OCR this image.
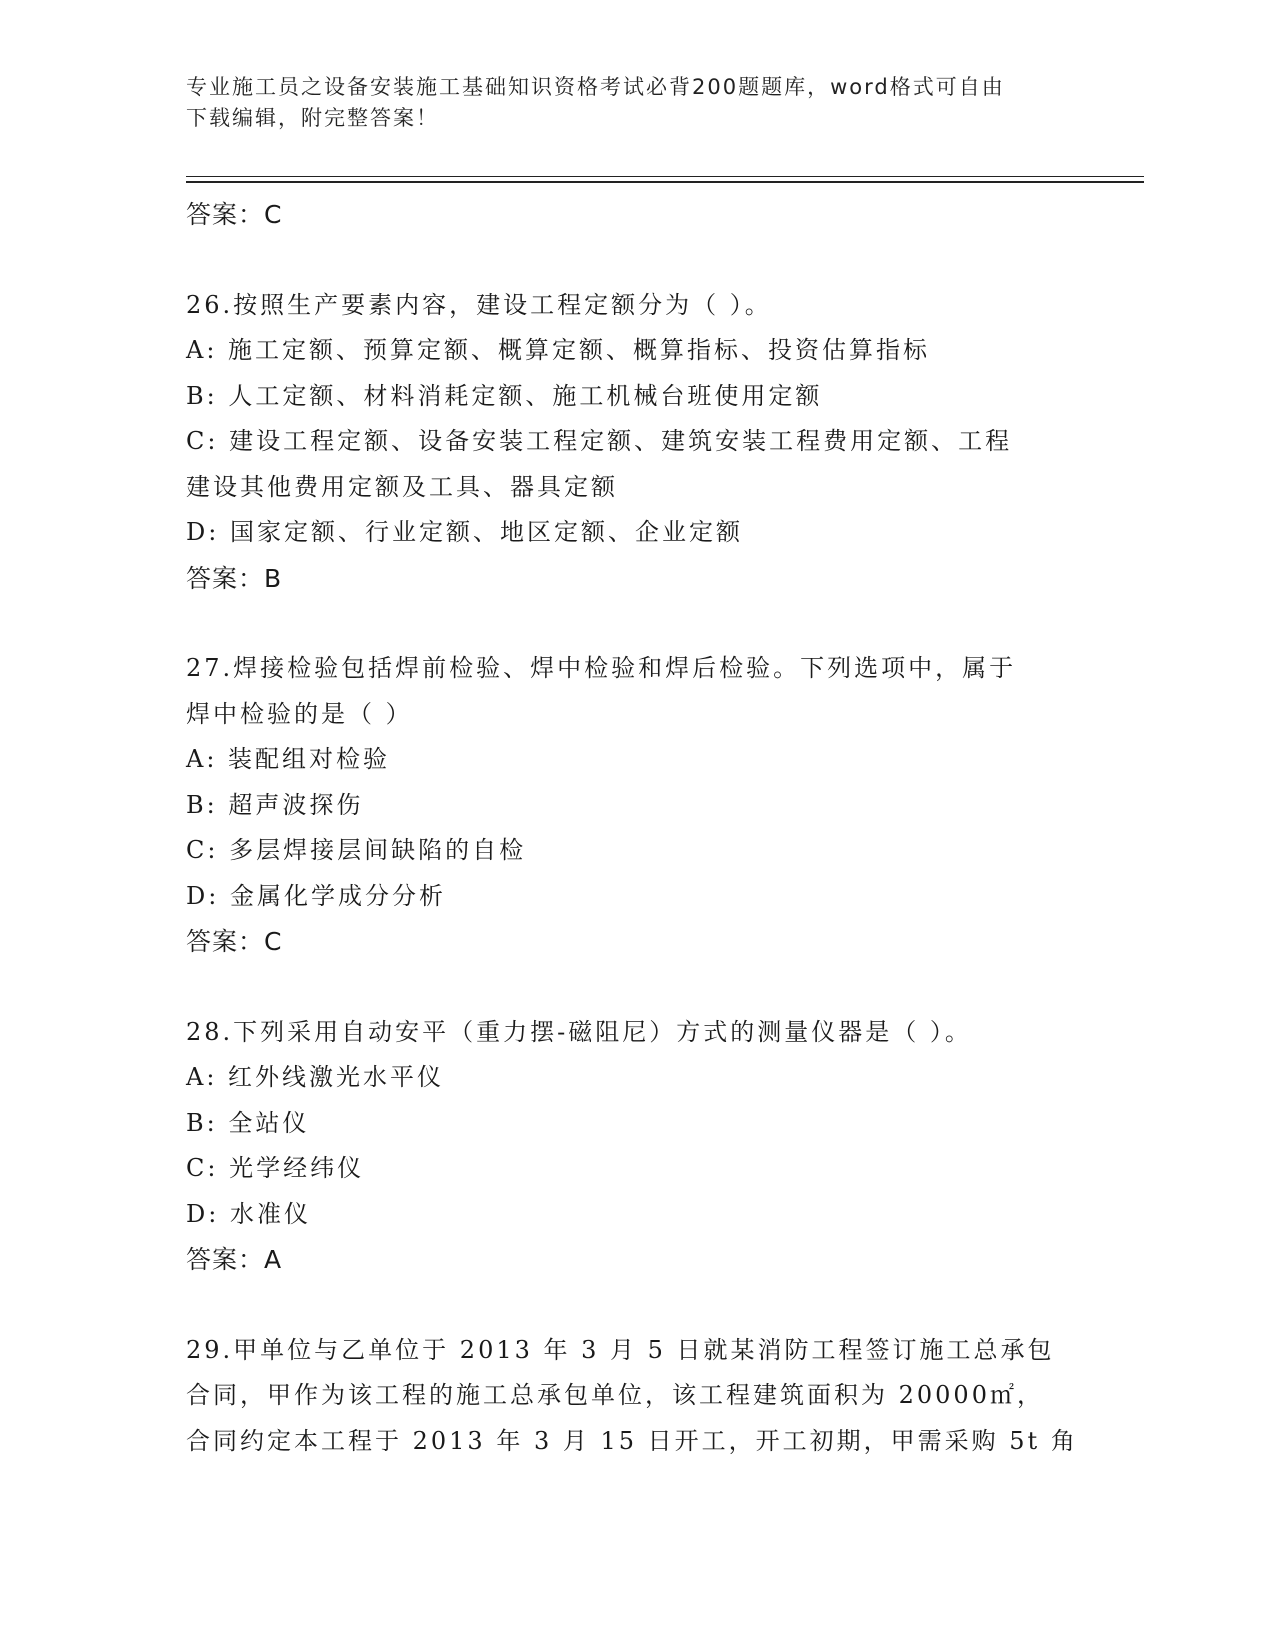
专业施工员之设备安装施工基础知识资格考试必背200题题库，word格式可自由
下载编辑，附完整答案！
答案：C
26.按照生产要素内容，建设工程定额分为（ ）。
A: 施工定额、预算定额、概算定额、概算指标、投资估算指标
B: 人工定额、材料消耗定额、施工机械台班使用定额
C: 建设工程定额、设备安装工程定额、建筑安装工程费用定额、工程
建设其他费用定额及工具、器具定额
D: 国家定额、行业定额、地区定额、企业定额
答案：B
27.焊接检验包括焊前检验、焊中检验和焊后检验。下列选项中，属于
焊中检验的是（ ）
A: 装配组对检验
B: 超声波探伤
C: 多层焊接层间缺陷的自检
D: 金属化学成分分析
答案：C
28.下列采用自动安平（重力摆-磁阻尼）方式的测量仪器是（ ）。
A: 红外线激光水平仪
B: 全站仪
C: 光学经纬仪
D: 水准仪
答案：A
29.甲单位与乙单位于 2013 年 3 月 5 日就某消防工程签订施工总承包
合同，甲作为该工程的施工总承包单位，该工程建筑面积为 20000㎡，
合同约定本工程于 2013 年 3 月 15 日开工，开工初期，甲需采购 5t 角
